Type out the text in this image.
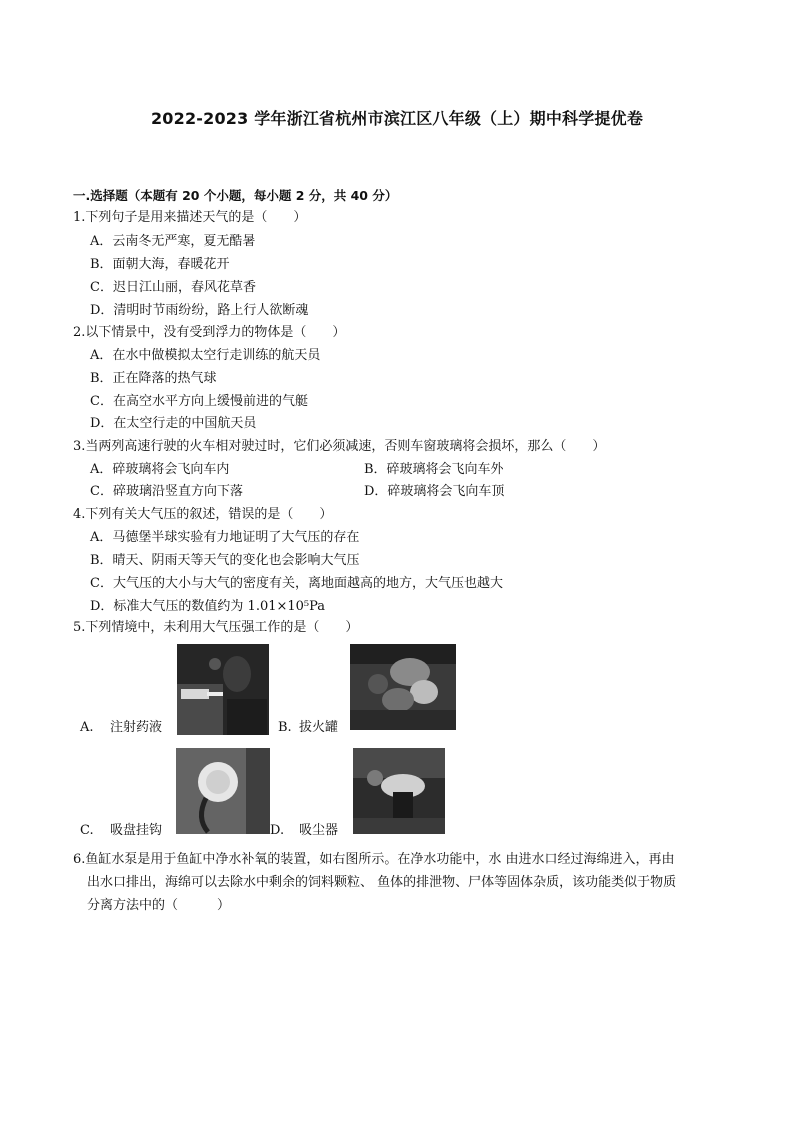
2022-2023 学年浙江省杭州市滨江区八年级（上）期中科学提优卷
一.选择题（本题有 20 个小题，每小题 2 分，共 40 分）
1.下列句子是用来描述天气的是（　　）
A．云南冬无严寒，夏无酷暑
B．面朝大海，春暖花开
C．迟日江山丽，春风花草香
D．清明时节雨纷纷，路上行人欲断魂
2.以下情景中，没有受到浮力的物体是（　　）
A．在水中做模拟太空行走训练的航天员
B．正在降落的热气球
C．在高空水平方向上缓慢前进的气艇
D．在太空行走的中国航天员
3.当两列高速行驶的火车相对驶过时，它们必须减速，否则车窗玻璃将会损坏，那么（　　）
A．碎玻璃将会飞向车内	B．碎玻璃将会飞向车外
C．碎玻璃沿竖直方向下落	D．碎玻璃将会飞向车顶
4.下列有关大气压的叙述，错误的是（　　）
A．马德堡半球实验有力地证明了大气压的存在
B．晴天、阴雨天等天气的变化也会影响大气压
C．大气压的大小与大气的密度有关，离地面越高的地方，大气压也越大
D．标准大气压的数值约为 1.01×10⁵Pa
5.下列情境中，未利用大气压强工作的是（　　）
A. 注射药液	B. 拔火罐
C. 吸盘挂钩	D. 吸尘器
6.鱼缸水泵是用于鱼缸中净水补氧的装置，如右图所示。在净水功能中，水 由进水口经过海绵进入，再由
出水口排出，海绵可以去除水中剩余的饲料颗粒、 鱼体的排泄物、尸体等固体杂质，该功能类似于物质
分离方法中的（　　　）
